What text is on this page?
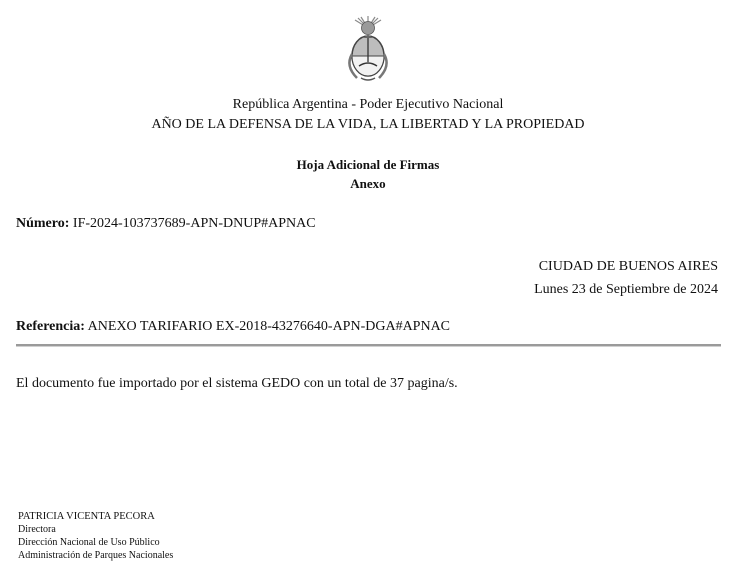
República Argentina - Poder Ejecutivo Nacional
AÑO DE LA DEFENSA DE LA VIDA, LA LIBERTAD Y LA PROPIEDAD
Hoja Adicional de Firmas
Anexo
Número: IF-2024-103737689-APN-DNUP#APNAC
CIUDAD DE BUENOS AIRES
Lunes 23 de Septiembre de 2024
Referencia: ANEXO TARIFARIO EX-2018-43276640-APN-DGA#APNAC
El documento fue importado por el sistema GEDO con un total de 37 pagina/s.
PATRICIA VICENTA PECORA
Directora
Dirección Nacional de Uso Público
Administración de Parques Nacionales
